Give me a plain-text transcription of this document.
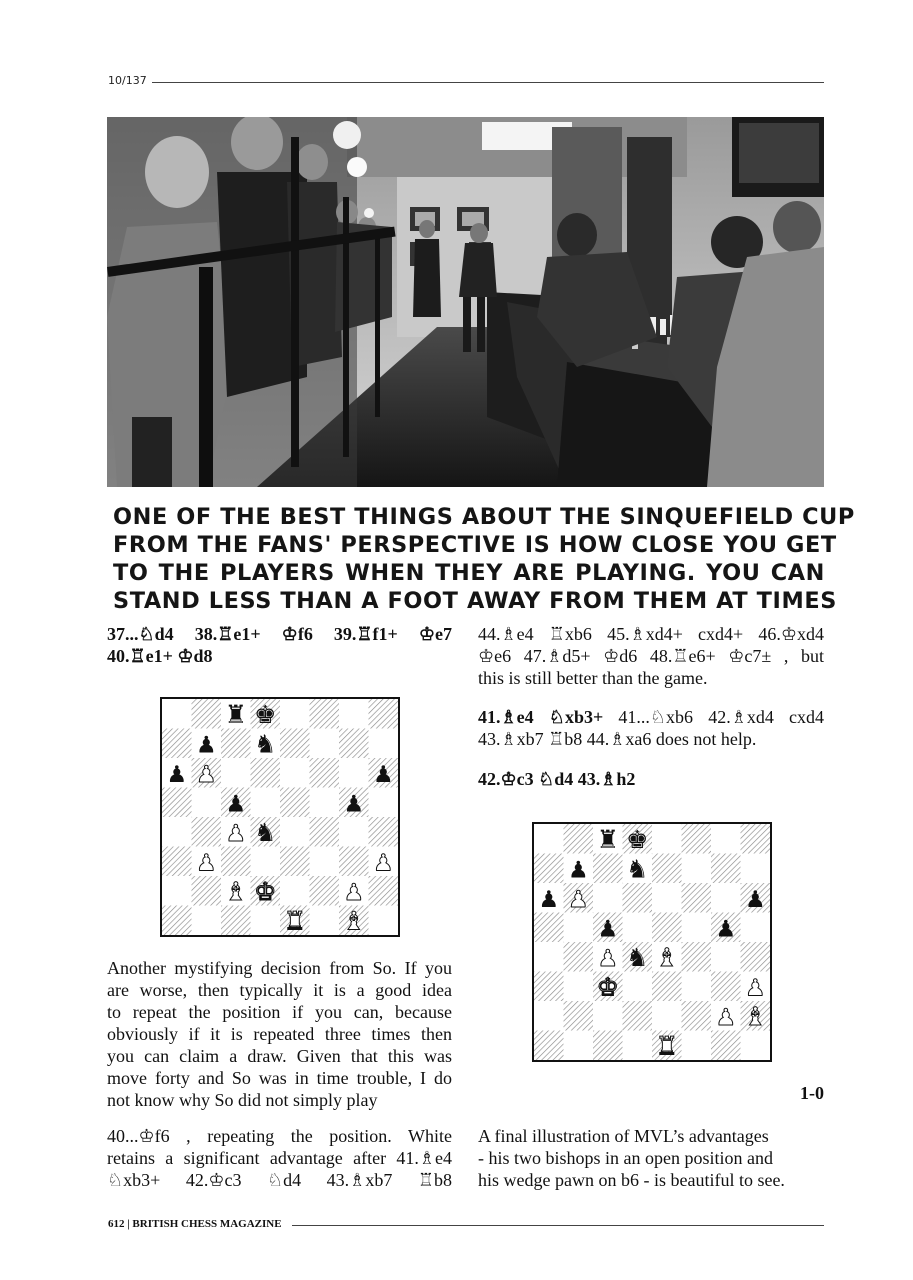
10/137
ONE OF THE BEST THINGS ABOUT THE SINQUEFIELD CUP
FROM THE FANS' PERSPECTIVE IS HOW CLOSE YOU GET
TO THE PLAYERS WHEN THEY ARE PLAYING. YOU CAN
STAND LESS THAN A FOOT AWAY FROM THEM AT TIMES

37...♘d4 38.♖e1+ ♔f6 39.♖f1+ ♔e7

40.♖e1+ ♔d8

♜ ♚
♟ ♞
♟ ♟	♟
♟	♟
♟ ♞
♟	♟
♝ ♚	♟
♜ ♝

Another mystifying decision from So. If you

are worse, then typically it is a good idea

to repeat the position if you can, because

obviously if it is repeated three times then

you can claim a draw. Given that this was

move forty and So was in time trouble, I do

not know why So did not simply play

40...♔f6 , repeating the position. White

retains a significant advantage after 41.♗e4

♘xb3+ 42.♔c3 ♘d4 43.♗xb7 ♖b8

44.♗e4 ♖xb6 45.♗xd4+ cxd4+ 46.♔xd4

♔e6 47.♗d5+ ♔d6 48.♖e6+ ♔c7± , but

this is still better than the game.

41.♗e4 ♘xb3+ 41...♘xb6 42.♗xd4 cxd4

43.♗xb7 ♖b8 44.♗xa6 does not help.

42.♔c3 ♘d4 43.♗h2

♜ ♚
♟ ♞
♟ ♟	♟
♟	♟
♟ ♞ ♝
♚	♟
♟ ♝
♜

1-0

A final illustration of MVL’s advantages

- his two bishops in an open position and

his wedge pawn on b6 - is beautiful to see.

612 | BRITISH CHESS MAGAZINE
